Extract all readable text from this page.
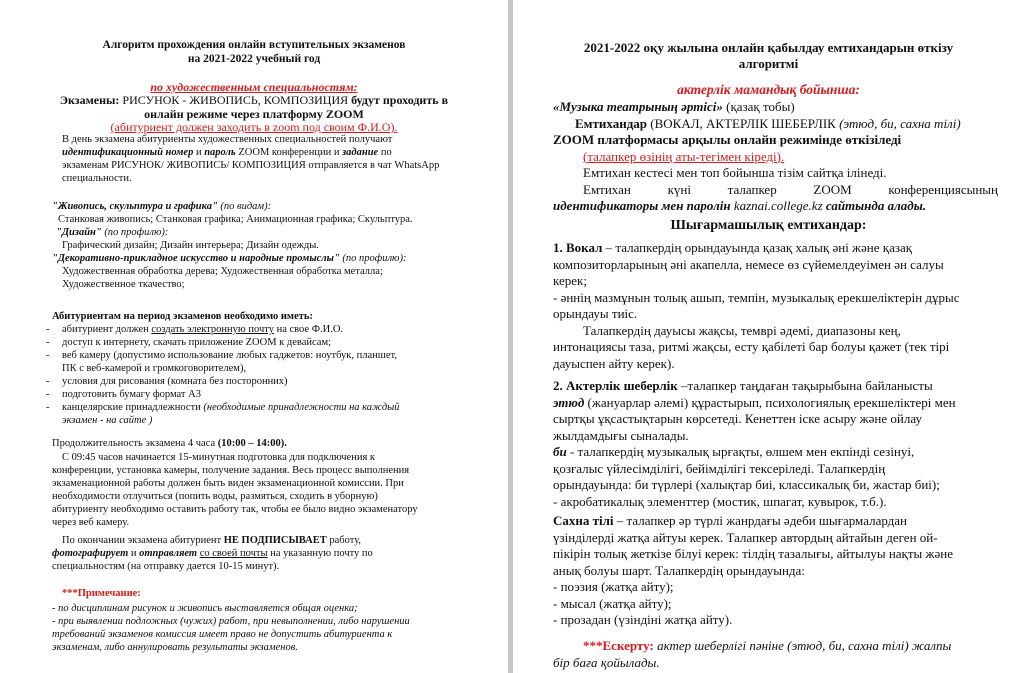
Алгоритм прохождения онлайн вступительных экзаменов

на 2021-2022 учебный год

по художественным специальностям:

Экзамены: РИСУНОК - ЖИВОПИСЬ, КОМПОЗИЦИЯ будут проходить в

онлайн режиме через платформу ZOOM

(абитуриент должен заходить в zoom под своим Ф.И.О).

В день экзамена абитуриенты художественных специальностей получают

идентификационный номер и пароль ZOOM конференции и задание по

экзаменам РИСУНОК/ ЖИВОПИСЬ/ КОМПОЗИЦИЯ отправляется в чат WhatsApp

специальности.

"Живопись, скульптура и графика" (по видам):

Станковая живопись; Станковая графика; Анимационная графика; Скульптура.

"Дизайн" (по профилю):

Графический дизайн; Дизайн интерьера; Дизайн одежды.

"Декоративно-прикладное искусство и народные промыслы" (по профилю):

Художественная обработка дерева; Художественная обработка металла;

Художественное ткачество;

Абитуриентам на период экзаменов необходимо иметь:

- абитуриент должен создать электронную почту на свое Ф.И.О.
- доступ к интернету, скачать приложение ZOOM к девайсам;
- веб камеру (допустимо использование любых гаджетов: ноутбук, планшет,
ПК с веб-камерой и громкоговорителем),
- условия для рисования (комната без посторонних)
- подготовить бумагу формат А3
- канцелярские принадлежности (необходимые принадлежности на каждый
экзамен - на сайте )

Продолжительность экзамена 4 часа (10:00 – 14:00).

С 09:45 часов начинается 15-минутная подготовка для подключения к

конференции, установка камеры, получение задания. Весь процесс выполнения

экзаменационной работы должен быть виден экзаменационной комиссии. При

необходимости отлучиться (попить воды, размяться, сходить в уборную)

абитуриенту необходимо оставить работу так, чтобы ее было видно экзаменатору

через веб камеру.

По окончании экзамена абитуриент НЕ ПОДПИСЫВАЕТ работу,

фотографирует и отправляет со своей почты на указанную почту по

специальностям (на отправку дается 10-15 минут).

***Примечание:

- по дисциплинам рисунок и живопись выставляется общая оценка;

- при выявлении подложных (чужих) работ, при невыполнении, либо нарушении

требований экзаменов комиссия имеет право не допустить абитуриента к

экзаменам, либо аннулировать результаты экзаменов.

2021-2022 оқу жылына онлайн қабылдау емтихандарын өткізу

алгоритмі

актерлік мамандық бойынша:

«Музыка театрының әртісі» (қазақ тобы)

Емтихандар (ВОКАЛ, АКТЕРЛІК ШЕБЕРЛІК (этюд, би, сахна тілі)

ZOOM платформасы арқылы онлайн режимінде өткізіледі

(талапкер өзінің аты-тегімен кіреді).

Емтихан кестесі мен топ бойынша тізім сайтқа ілінеді.

Емтихан күні талапкер ZOOM конференциясының

идентификаторы мен паролін kaznai.college.kz сайтында алады.

Шығармашылық емтихандар:

1. Вокал – талапкердің орындауында қазақ халық әні және қазақ

композиторларының әні акапелла, немесе өз сүйемелдеуімен ән салуы

керек;

- әннің мазмұнын толық ашып, темпін, музыкалық ерекшеліктерін дұрыс

орындауы тиіс.

Талапкердің дауысы жақсы, темврі әдемі, диапазоны кең,

интонациясы таза, ритмі жақсы, есту қабілеті бар болуы қажет (тек тірі

дауыспен айту керек).

2. Актерлік шеберлік –талапкер таңдаған тақырыбына байланысты

этюд (жануарлар әлемі) құрастырып, психологиялық ерекшеліктері мен

сыртқы ұқсастықтарын көрсетеді. Кенеттен іске асыру және ойлау

жылдамдығы сыналады.

би - талапкердің музыкалық ырғақты, өлшем мен екпінді сезінуі,

қозғалыс үйлесімділігі, бейімділігі тексеріледі. Талапкердің

орындауында: би түрлері (халықтар биі, классикалық би, жастар биі);

- акробатикалық элементтер (мостик, шпагат, кувырок, т.б.).

Сахна тілі – талапкер әр түрлі жанрдағы әдеби шығармалардан

үзінділерді жатқа айтуы керек. Талапкер автордың айтайын деген ой-

пікірін толық жеткізе білуі керек: тілдің тазалығы, айтылуы нақты және

анық болуы шарт. Талапкердің орындауында:

- поэзия (жатқа айту);

- мысал (жатқа айту);

- прозадан (үзіндіні жатқа айту).

***Ескерту: актер шеберлігі пәніне (этюд, би, сахна тілі) жалпы

бір баға қойылады.
